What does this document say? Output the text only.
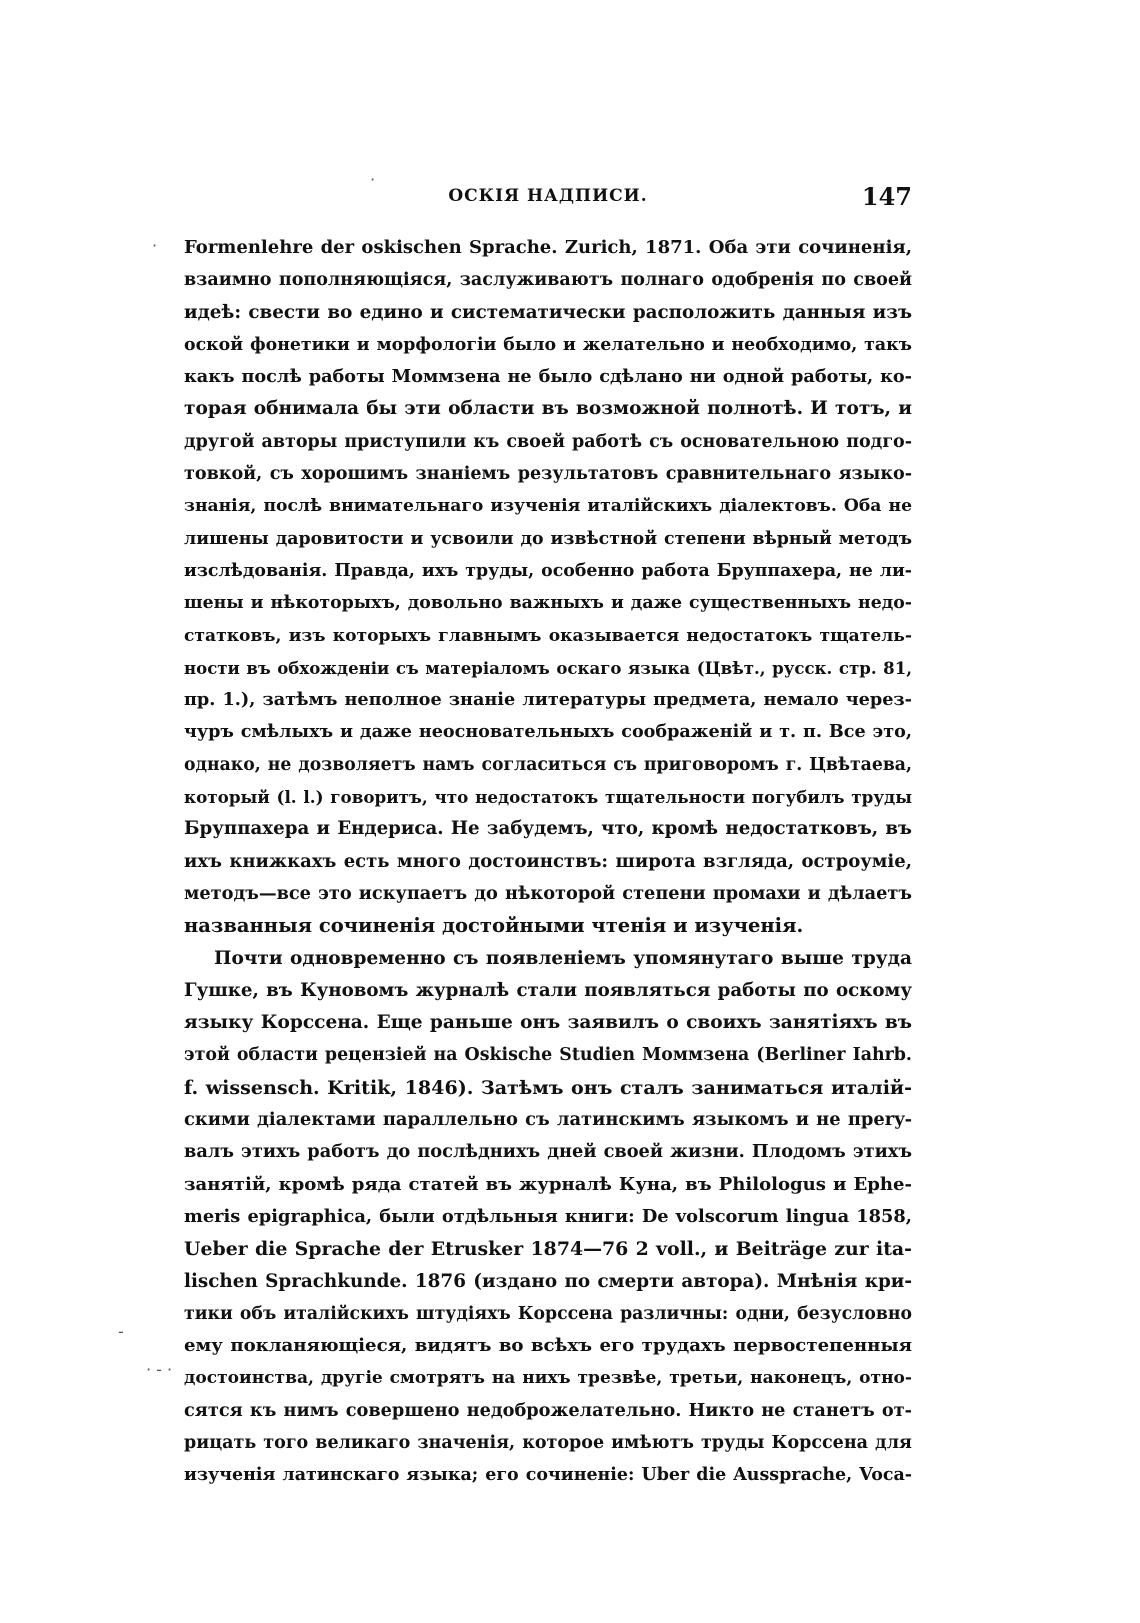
·
·
-
· - ·
ОСКІЯ НАДПИСИ.	147
Formenlehre der oskischen Sprache. Zurich, 1871. Оба эти сочиненія,
взаимно пополняющіяся, заслуживаютъ полнаго одобренія по своей
идеѣ: свести во едино и систематически расположить данныя изъ
оской фонетики и морфологіи было и желательно и необходимо, такъ
какъ послѣ работы Моммзена не было сдѣлано ни одной работы, ко-
торая обнимала бы эти области въ возможной полнотѣ. И тотъ, и
другой авторы приступили къ своей работѣ съ основательною подго-
товкой, съ хорошимъ знаніемъ результатовъ сравнительнаго языко-
знанія, послѣ внимательнаго изученія италійскихъ діалектовъ. Оба не
лишены даровитости и усвоили до извѣстной степени вѣрный методъ
изслѣдованія. Правда, ихъ труды, особенно работа Бруппахера, не ли-
шены и нѣкоторыхъ, довольно важныхъ и даже существенныхъ недо-
статковъ, изъ которыхъ главнымъ оказывается недостатокъ тщатель-
ности въ обхожденіи съ матеріаломъ оскаго языка (Цвѣт., русск. стр. 81,
пр. 1.), затѣмъ неполное знаніе литературы предмета, немало через-
чуръ смѣлыхъ и даже неосновательныхъ соображеній и т. п. Все это,
однако, не дозволяетъ намъ согласиться съ приговоромъ г. Цвѣтаева,
который (l. l.) говоритъ, что недостатокъ тщательности погубилъ труды
Бруппахера и Ендериса. Не забудемъ, что, кромѣ недостатковъ, въ
ихъ книжкахъ есть много достоинствъ: широта взгляда, остроуміе,
методъ—все это искупаетъ до нѣкоторой степени промахи и дѣлаетъ
названныя сочиненія достойными чтенія и изученія.
Почти одновременно съ появленіемъ упомянутаго выше труда
Гушке, въ Куновомъ журналѣ стали появляться работы по оскому
языку Корссена. Еще раньше онъ заявилъ о своихъ занятіяхъ въ
этой области рецензіей на Oskische Studien Моммзена (Berliner Iahrb.
f. wissensch. Kritik, 1846). Затѣмъ онъ сталъ заниматься италій-
скими діалектами параллельно съ латинскимъ языкомъ и не прery-
валъ этихъ работъ до послѣднихъ дней своей жизни. Плодомъ этихъ
занятій, кромѣ ряда статей въ журналѣ Куна, въ Philologus и Ephe-
meris epigraphica, были отдѣльныя книги: De volscorum lingua 1858,
Ueber die Sprache der Etrusker 1874—76 2 voll., и Beiträge zur ita-
lischen Sprachkunde. 1876 (издано по смерти автора). Мнѣнія кри-
тики объ италійскихъ штудіяхъ Корссена различны: одни, безусловно
ему покланяющіеся, видятъ во всѣхъ его трудахъ первостепенныя
достоинства, другіе смотрятъ на нихъ трезвѣе, третьи, наконецъ, отно-
сятся къ нимъ совершено недоброжелательно. Никто не станетъ от-
рицать того великаго значенія, которое имѣютъ труды Корссена для
изученія латинскаго языка; его сочиненіе: Uber die Aussprache, Voca-
